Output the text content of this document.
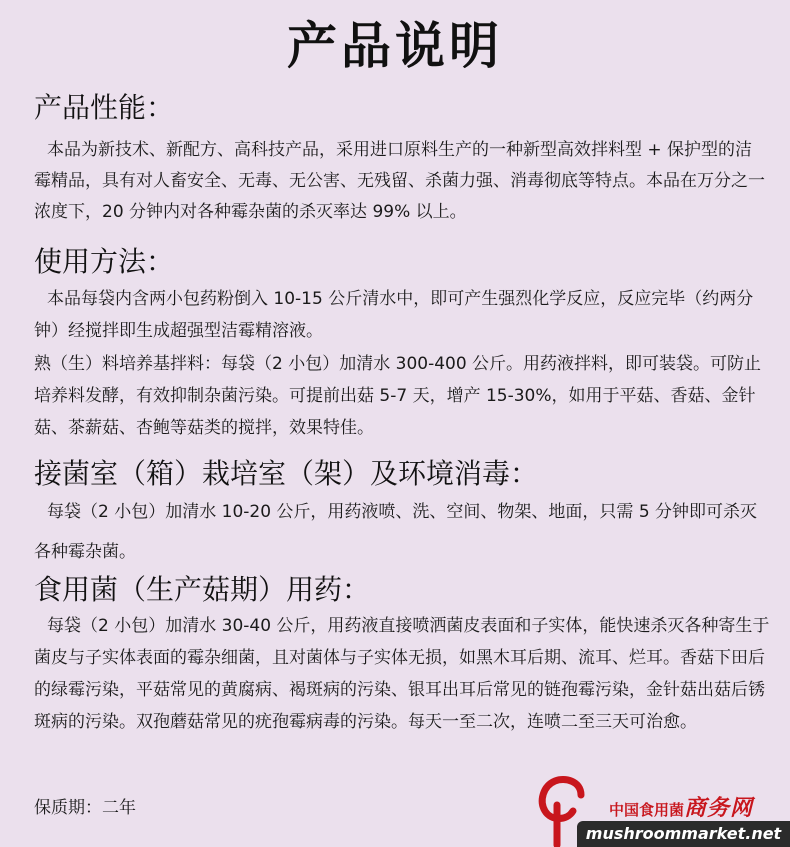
产品说明
产品性能：
本品为新技术、新配方、高科技产品，采用进口原料生产的一种新型高效拌料型 + 保护型的洁霉精品，具有对人畜安全、无毒、无公害、无残留、杀菌力强、消毒彻底等特点。本品在万分之一浓度下，20 分钟内对各种霉杂菌的杀灭率达 99% 以上。
使用方法：
本品每袋内含两小包药粉倒入 10-15 公斤清水中，即可产生强烈化学反应，反应完毕（约两分钟）经搅拌即生成超强型洁霉精溶液。
熟（生）料培养基拌料：每袋（2 小包）加清水 300-400 公斤。用药液拌料，即可装袋。可防止培养料发酵，有效抑制杂菌污染。可提前出菇 5-7 天，增产 15-30%，如用于平菇、香菇、金针菇、茶薪菇、杏鲍等菇类的搅拌，效果特佳。
接菌室（箱）栽培室（架）及环境消毒：
每袋（2 小包）加清水 10-20 公斤，用药液喷、洗、空间、物架、地面，只需 5 分钟即可杀灭各种霉杂菌。
食用菌（生产菇期）用药：
每袋（2 小包）加清水 30-40 公斤，用药液直接喷洒菌皮表面和子实体，能快速杀灭各种寄生于菌皮与子实体表面的霉杂细菌，且对菌体与子实体无损，如黑木耳后期、流耳、烂耳。香菇下田后的绿霉污染，平菇常见的黄腐病、褐斑病的污染、银耳出耳后常见的链孢霉污染，金针菇出菇后锈斑病的污染。双孢蘑菇常见的疣孢霉病毒的污染。每天一至二次，连喷二至三天可治愈。
保质期：二年	中国食用菌商务网
mushroommarket.net
